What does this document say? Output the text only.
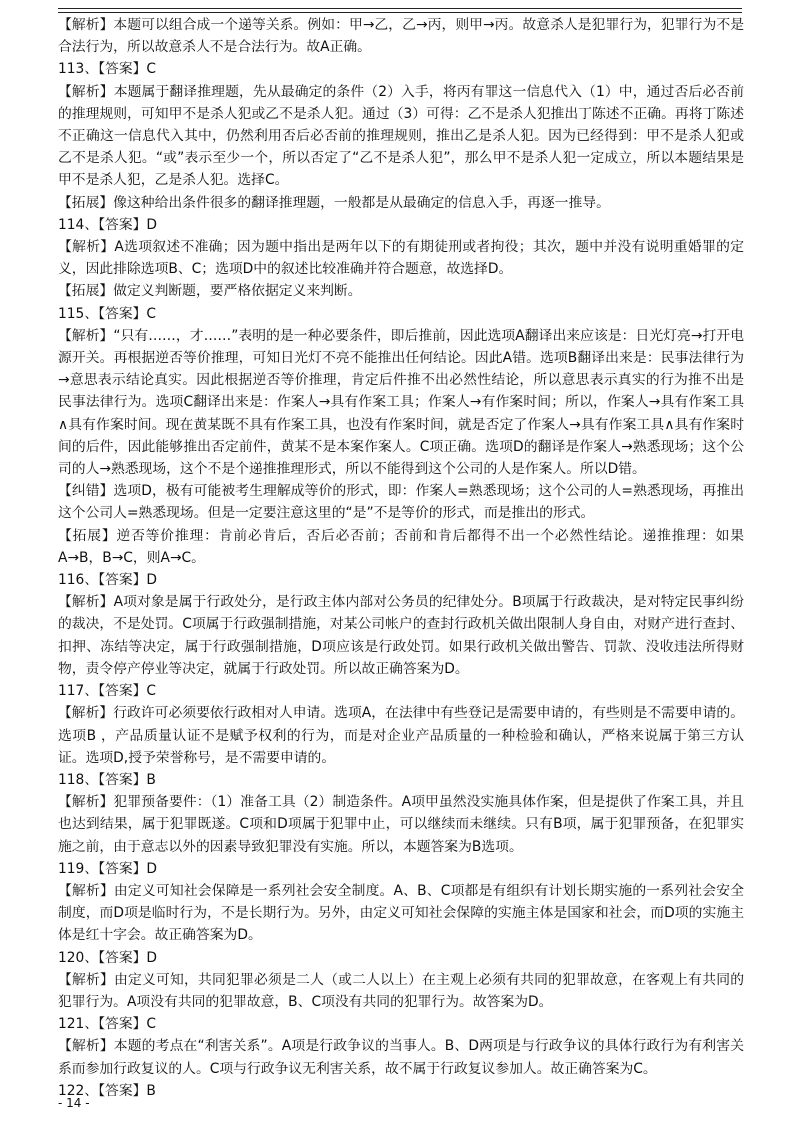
【解析】本题可以组合成一个递等关系。例如：甲→乙，乙→丙，则甲→丙。故意杀人是犯罪行为，犯罪行为不是合法行为，所以故意杀人不是合法行为。故A正确。

113、【答案】C

【解析】本题属于翻译推理题，先从最确定的条件（2）入手，将丙有罪这一信息代入（1）中，通过否后必否前的推理规则，可知甲不是杀人犯或乙不是杀人犯。通过（3）可得：乙不是杀人犯推出丁陈述不正确。再将丁陈述不正确这一信息代入其中，仍然利用否后必否前的推理规则，推出乙是杀人犯。因为已经得到：甲不是杀人犯或乙不是杀人犯。“或”表示至少一个，所以否定了“乙不是杀人犯”，那么甲不是杀人犯一定成立，所以本题结果是甲不是杀人犯，乙是杀人犯。选择C。

【拓展】像这种给出条件很多的翻译推理题，一般都是从最确定的信息入手，再逐一推导。

114、【答案】D

【解析】A选项叙述不准确；因为题中指出是两年以下的有期徒刑或者拘役；其次，题中并没有说明重婚罪的定义，因此排除选项B、C；选项D中的叙述比较准确并符合题意，故选择D。

【拓展】做定义判断题，要严格依据定义来判断。

115、【答案】C

【解析】“只有……，才……”表明的是一种必要条件，即后推前，因此选项A翻译出来应该是：日光灯亮→打开电源开关。再根据逆否等价推理，可知日光灯不亮不能推出任何结论。因此A错。选项B翻译出来是：民事法律行为→意思表示结论真实。因此根据逆否等价推理，肯定后件推不出必然性结论，所以意思表示真实的行为推不出是民事法律行为。选项C翻译出来是：作案人→具有作案工具；作案人→有作案时间；所以，作案人→具有作案工具∧具有作案时间。现在黄某既不具有作案工具，也没有作案时间，就是否定了作案人→具有作案工具∧具有作案时间的后件，因此能够推出否定前件，黄某不是本案作案人。C项正确。选项D的翻译是作案人→熟悉现场；这个公司的人→熟悉现场，这个不是个递推推理形式，所以不能得到这个公司的人是作案人。所以D错。

【纠错】选项D，极有可能被考生理解成等价的形式，即：作案人=熟悉现场；这个公司的人=熟悉现场，再推出这个公司人=熟悉现场。但是一定要注意这里的“是”不是等价的形式，而是推出的形式。

【拓展】逆否等价推理：肯前必肯后，否后必否前；否前和肯后都得不出一个必然性结论。递推推理：如果A→B，B→C，则A→C。

116、【答案】D

【解析】A项对象是属于行政处分，是行政主体内部对公务员的纪律处分。B项属于行政裁决，是对特定民事纠纷的裁决，不是处罚。C项属于行政强制措施，对某公司帐户的查封行政机关做出限制人身自由，对财产进行查封、扣押、冻结等决定，属于行政强制措施，D项应该是行政处罚。如果行政机关做出警告、罚款、没收违法所得财物，责令停产停业等决定，就属于行政处罚。所以故正确答案为D。

117、【答案】C

【解析】行政许可必须要依行政相对人申请。选项A，在法律中有些登记是需要申请的，有些则是不需要申请的。选项B ，产品质量认证不是赋予权利的行为，而是对企业产品质量的一种检验和确认，严格来说属于第三方认证。选项D,授予荣誉称号，是不需要申请的。

118、【答案】B

【解析】犯罪预备要件：（1）准备工具（2）制造条件。A项甲虽然没实施具体作案，但是提供了作案工具，并且也达到结果，属于犯罪既遂。C项和D项属于犯罪中止，可以继续而未继续。只有B项，属于犯罪预备，在犯罪实施之前，由于意志以外的因素导致犯罪没有实施。所以，本题答案为B选项。

119、【答案】D

【解析】由定义可知社会保障是一系列社会安全制度。A、B、C项都是有组织有计划长期实施的一系列社会安全制度，而D项是临时行为，不是长期行为。另外，由定义可知社会保障的实施主体是国家和社会，而D项的实施主体是红十字会。故正确答案为D。

120、【答案】D

【解析】由定义可知，共同犯罪必须是二人（或二人以上）在主观上必须有共同的犯罪故意，在客观上有共同的犯罪行为。A项没有共同的犯罪故意，B、C项没有共同的犯罪行为。故答案为D。

121、【答案】C

【解析】本题的考点在“利害关系”。A项是行政争议的当事人。B、D两项是与行政争议的具体行政行为有利害关系而参加行政复议的人。C项与行政争议无利害关系，故不属于行政复议参加人。故正确答案为C。

122、【答案】B

- 14 -
